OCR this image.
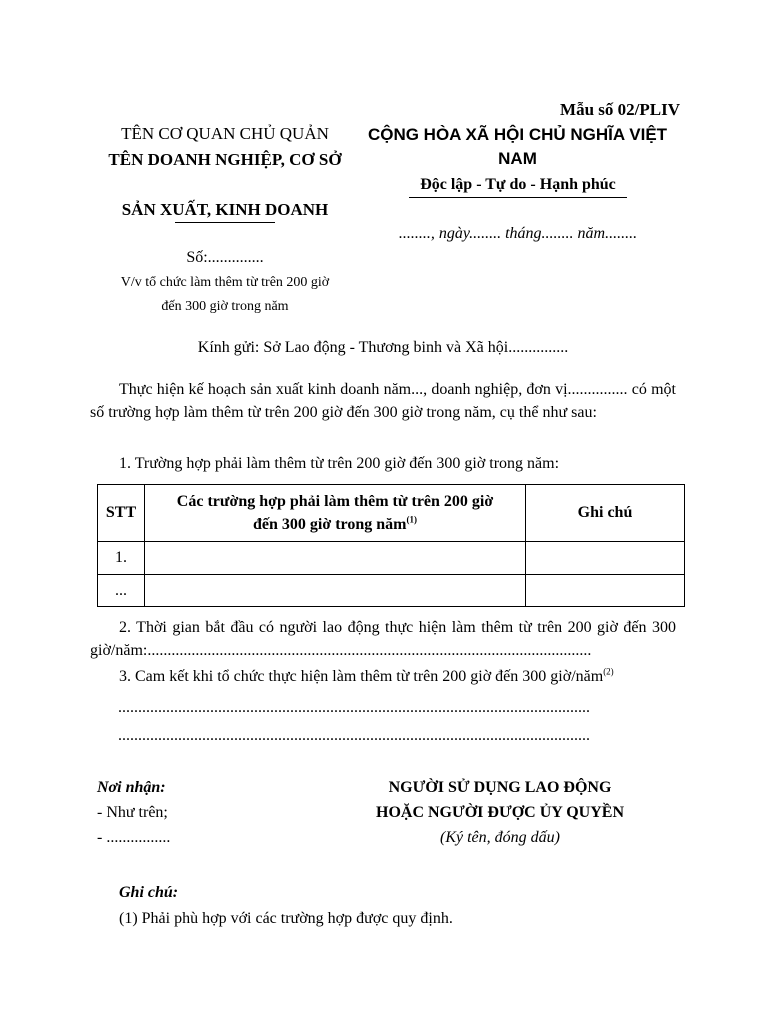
Mẫu số 02/PLIV
TÊN CƠ QUAN CHỦ QUẢN
TÊN DOANH NGHIỆP, CƠ SỞ
SẢN XUẤT, KINH DOANH
Số:..............
V/v tổ chức làm thêm từ trên 200 giờ
đến 300 giờ trong năm
CỘNG HÒA XÃ HỘI CHỦ NGHĨA VIỆT
NAM
Độc lập - Tự do - Hạnh phúc
........, ngày........ tháng........ năm........
Kính gửi: Sở Lao động - Thương binh và Xã hội...............
Thực hiện kế hoạch sản xuất kinh doanh năm..., doanh nghiệp, đơn vị............... có một số trường hợp làm thêm từ trên 200 giờ đến 300 giờ trong năm, cụ thể như sau:
1. Trường hợp phải làm thêm từ trên 200 giờ đến 300 giờ trong năm:
STT	Các trường hợp phải làm thêm từ trên 200 giờ
đến 300 giờ trong năm$^{(1)}$	Ghi chú
1.		
...		
2. Thời gian bắt đầu có người lao động thực hiện làm thêm từ trên 200 giờ đến 300 giờ/năm:...............................................................................................................
3. Cam kết khi tổ chức thực hiện làm thêm từ trên 200 giờ đến 300 giờ/năm$^{(2)}$
......................................................................................................................
......................................................................................................................
Nơi nhận:
- Như trên;
- ................
NGƯỜI SỬ DỤNG LAO ĐỘNG
HOẶC NGƯỜI ĐƯỢC ỦY QUYỀN
(Ký tên, đóng dấu)
Ghi chú:
(1) Phải phù hợp với các trường hợp được quy định.
